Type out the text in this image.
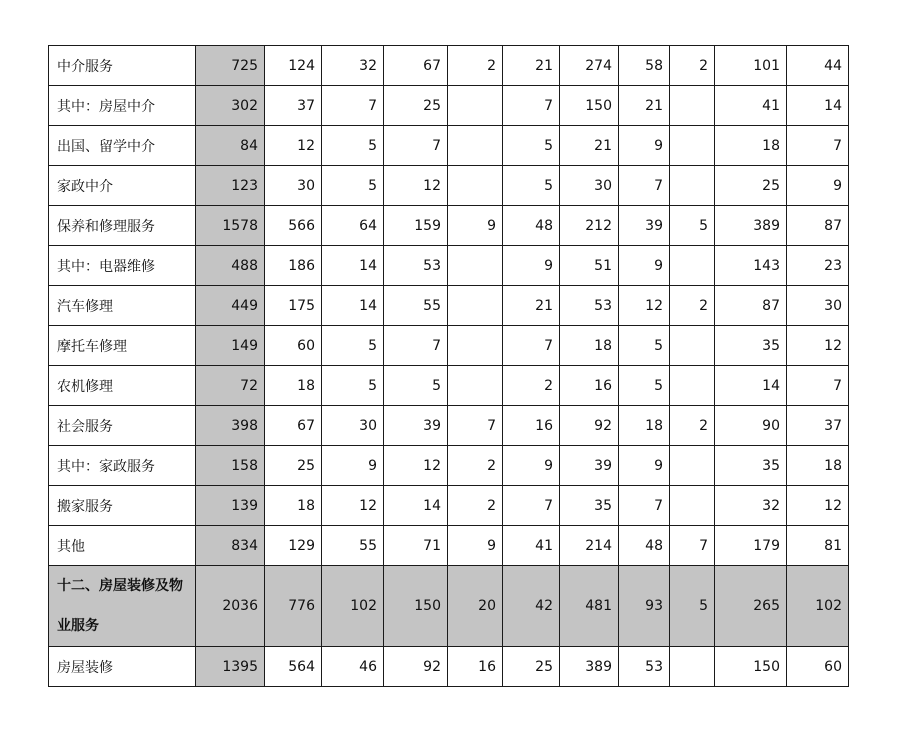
中介服务	725	124	32	67	2	21	274	58	2	101	44
其中：房屋中介	302	37	7	25		7	150	21		41	14
出国、留学中介	84	12	5	7		5	21	9		18	7
家政中介	123	30	5	12		5	30	7		25	9
保养和修理服务	1578	566	64	159	9	48	212	39	5	389	87
其中：电器维修	488	186	14	53		9	51	9		143	23
汽车修理	449	175	14	55		21	53	12	2	87	30
摩托车修理	149	60	5	7		7	18	5		35	12
农机修理	72	18	5	5		2	16	5		14	7
社会服务	398	67	30	39	7	16	92	18	2	90	37
其中：家政服务	158	25	9	12	2	9	39	9		35	18
搬家服务	139	18	12	14	2	7	35	7		32	12
其他	834	129	55	71	9	41	214	48	7	179	81

十二、房屋装修及物
业服务	2036	776	102	150	20	42	481	93	5	265	102
房屋装修	1395	564	46	92	16	25	389	53		150	60
